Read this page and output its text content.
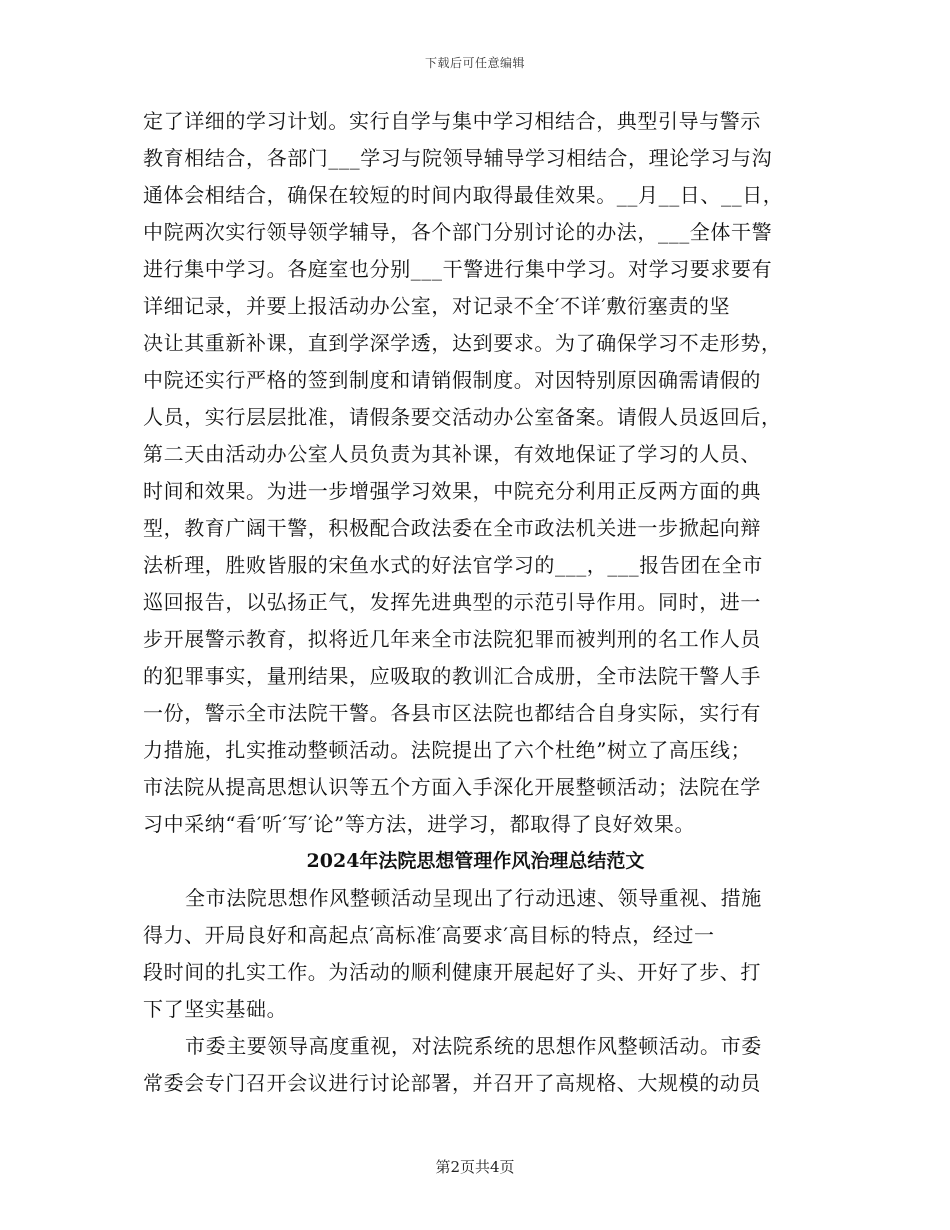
下载后可任意编辑
定了详细的学习计划。实行自学与集中学习相结合，典型引导与警示
教育相结合，各部门___学习与院领导辅导学习相结合，理论学习与沟
通体会相结合，确保在较短的时间内取得最佳效果。__月__日、__日，
中院两次实行领导领学辅导，各个部门分别讨论的办法，___全体干警
进行集中学习。各庭室也分别___干警进行集中学习。对学习要求要有
详细记录，并要上报活动办公室，对记录不全′不详′敷衍塞责的坚
决让其重新补课，直到学深学透，达到要求。为了确保学习不走形势，
中院还实行严格的签到制度和请销假制度。对因特别原因确需请假的
人员，实行层层批准，请假条要交活动办公室备案。请假人员返回后，
第二天由活动办公室人员负责为其补课，有效地保证了学习的人员、
时间和效果。为进一步增强学习效果，中院充分利用正反两方面的典
型，教育广阔干警，积极配合政法委在全市政法机关进一步掀起向辩
法析理，胜败皆服的宋鱼水式的好法官学习的___，___报告团在全市
巡回报告，以弘扬正气，发挥先进典型的示范引导作用。同时，进一
步开展警示教育，拟将近几年来全市法院犯罪而被判刑的名工作人员
的犯罪事实，量刑结果，应吸取的教训汇合成册，全市法院干警人手
一份，警示全市法院干警。各县市区法院也都结合自身实际，实行有
力措施，扎实推动整顿活动。法院提出了六个杜绝”树立了高压线；
市法院从提高思想认识等五个方面入手深化开展整顿活动；法院在学
习中采纳“看′听′写′论”等方法，进学习，都取得了良好效果。
2024年法院思想管理作风治理总结范文
全市法院思想作风整顿活动呈现出了行动迅速、领导重视、措施
得力、开局良好和高起点′高标准′高要求′高目标的特点，经过一
段时间的扎实工作。为活动的顺利健康开展起好了头、开好了步、打
下了坚实基础。
市委主要领导高度重视，对法院系统的思想作风整顿活动。市委
常委会专门召开会议进行讨论部署，并召开了高规格、大规模的动员
第2页共4页
